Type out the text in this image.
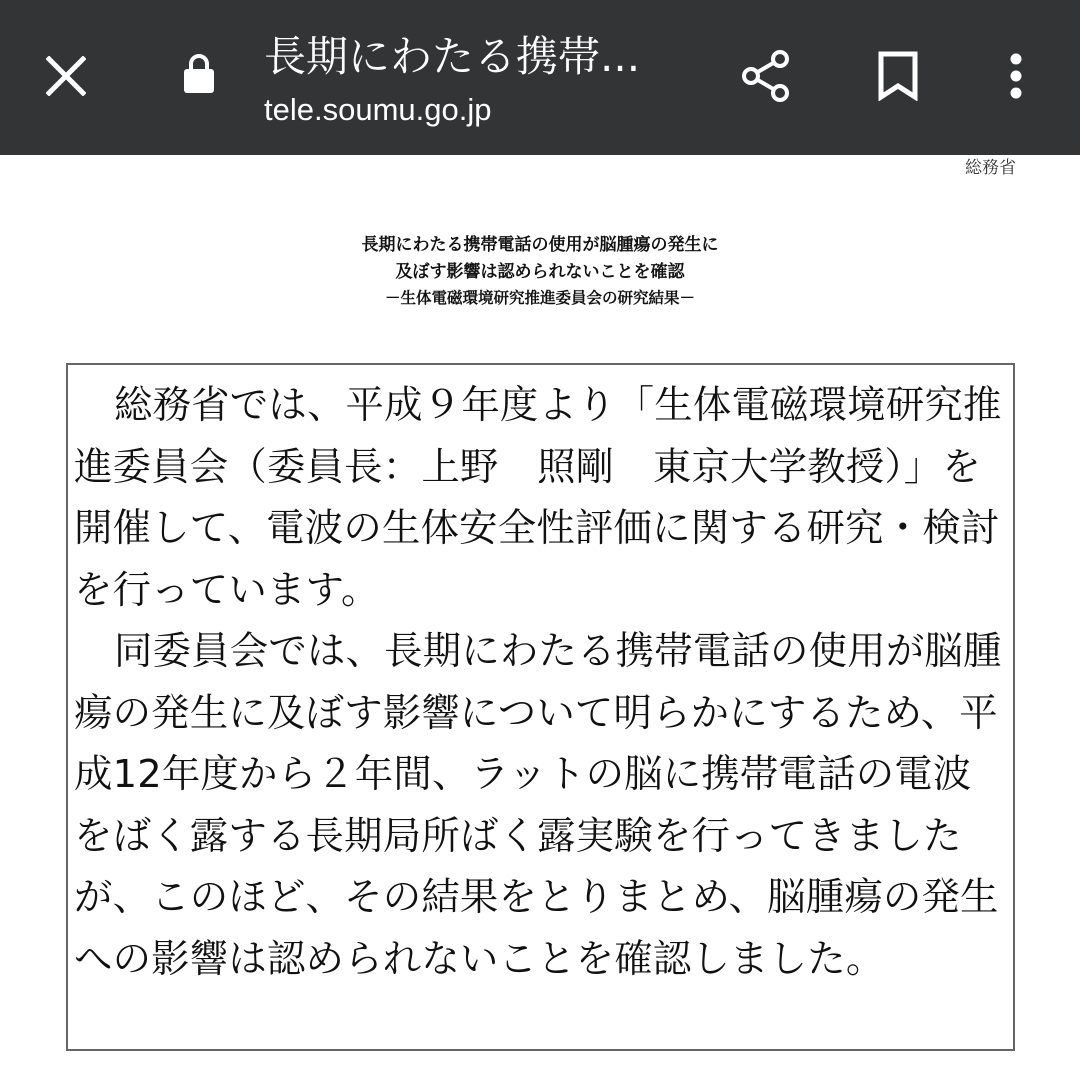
長期にわたる携帯...
tele.soumu.go.jp
総務省
長期にわたる携帯電話の使用が脳腫瘍の発生に
及ぼす影響は認められないことを確認
－生体電磁環境研究推進委員会の研究結果－

総務省では、平成９年度より「生体電磁環境研究推進委員会（委員長：上野　照剛　東京大学教授）」を開催して、電波の生体安全性評価に関する研究・検討を行っています。

同委員会では、長期にわたる携帯電話の使用が脳腫瘍の発生に及ぼす影響について明らかにするため、平成12年度から２年間、ラットの脳に携帯電話の電波をばく露する長期局所ばく露実験を行ってきましたが、このほど、その結果をとりまとめ、脳腫瘍の発生への影響は認められないことを確認しました。
